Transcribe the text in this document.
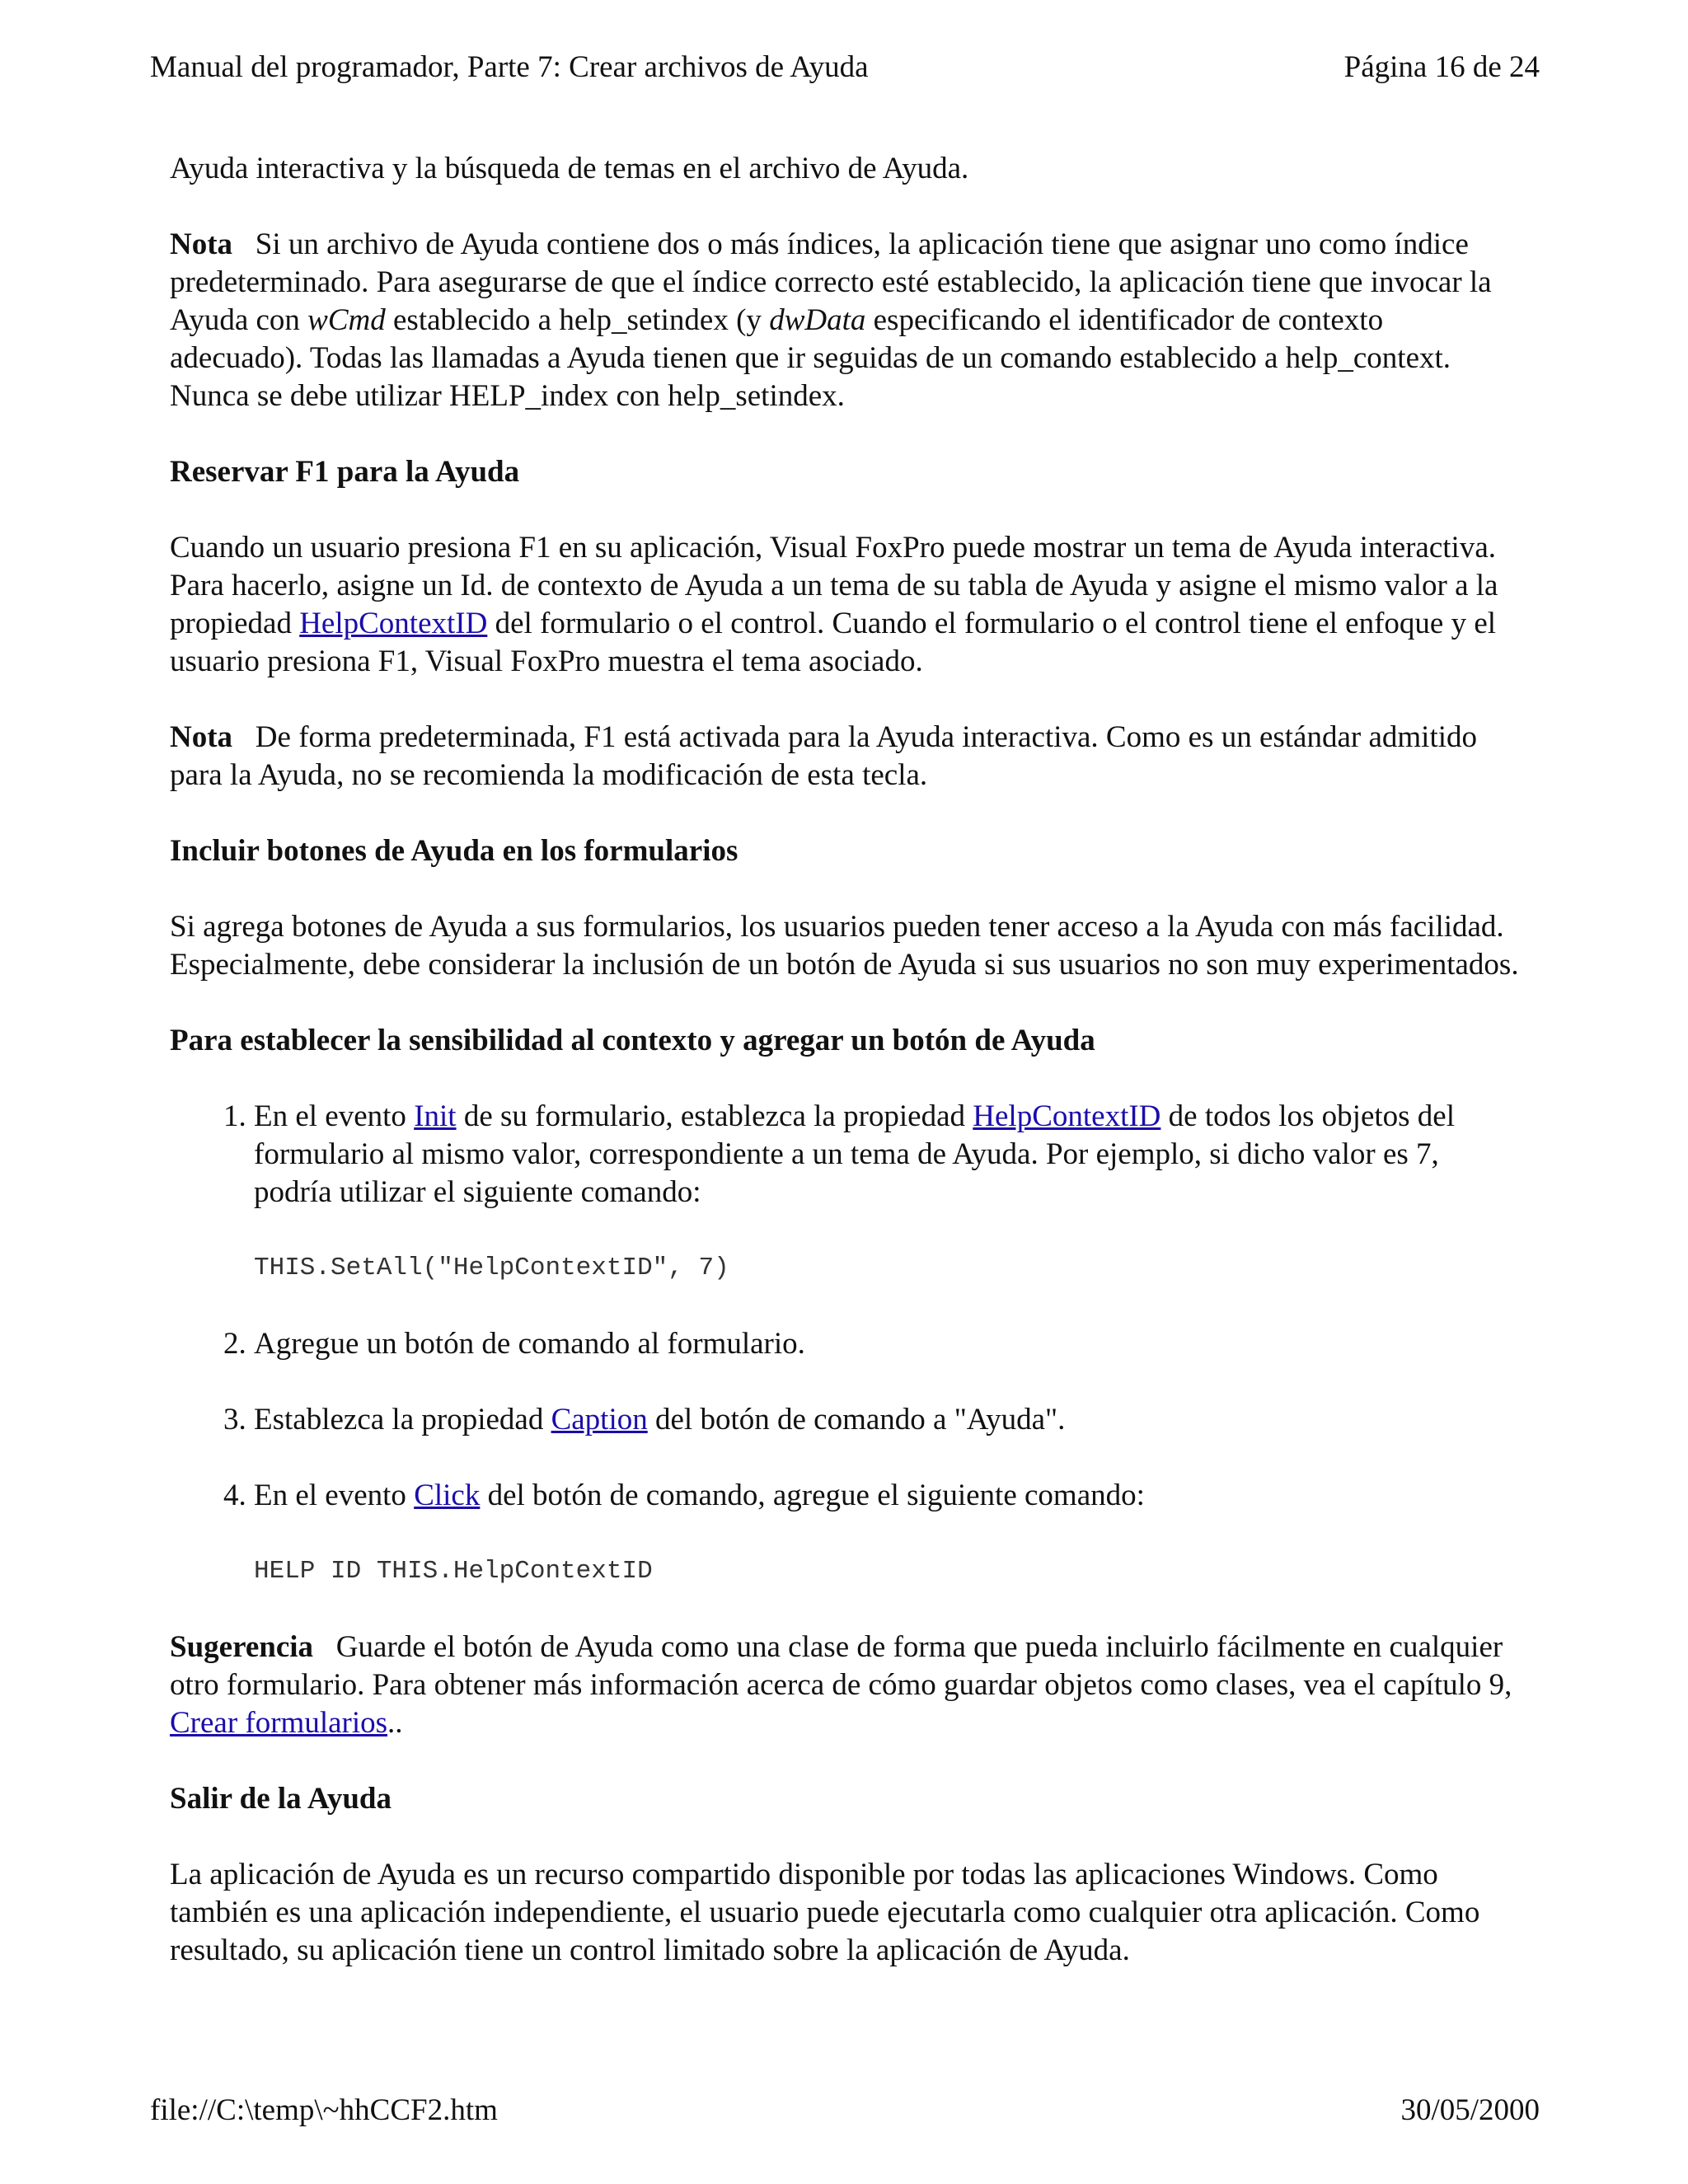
Manual del programador, Parte 7: Crear archivos de Ayuda	Página 16 de 24

Ayuda interactiva y la búsqueda de temas en el archivo de Ayuda.

Nota Si un archivo de Ayuda contiene dos o más índices, la aplicación tiene que asignar uno como índice predeterminado. Para asegurarse de que el índice correcto esté establecido, la aplicación tiene que invocar la Ayuda con wCmd establecido a help_setindex (y dwData especificando el identificador de contexto adecuado). Todas las llamadas a Ayuda tienen que ir seguidas de un comando establecido a help_context. Nunca se debe utilizar HELP_index con help_setindex.

Reservar F1 para la Ayuda

Cuando un usuario presiona F1 en su aplicación, Visual FoxPro puede mostrar un tema de Ayuda interactiva. Para hacerlo, asigne un Id. de contexto de Ayuda a un tema de su tabla de Ayuda y asigne el mismo valor a la propiedad HelpContextID del formulario o el control. Cuando el formulario o el control tiene el enfoque y el usuario presiona F1, Visual FoxPro muestra el tema asociado.

Nota De forma predeterminada, F1 está activada para la Ayuda interactiva. Como es un estándar admitido para la Ayuda, no se recomienda la modificación de esta tecla.

Incluir botones de Ayuda en los formularios

Si agrega botones de Ayuda a sus formularios, los usuarios pueden tener acceso a la Ayuda con más facilidad. Especialmente, debe considerar la inclusión de un botón de Ayuda si sus usuarios no son muy experimentados.

Para establecer la sensibilidad al contexto y agregar un botón de Ayuda

1. En el evento Init de su formulario, establezca la propiedad HelpContextID de todos los objetos del formulario al mismo valor, correspondiente a un tema de Ayuda. Por ejemplo, si dicho valor es 7, podría utilizar el siguiente comando:
THIS.SetAll("HelpContextID", 7)
2. Agregue un botón de comando al formulario.
3. Establezca la propiedad Caption del botón de comando a "Ayuda".
4. En el evento Click del botón de comando, agregue el siguiente comando:
HELP ID THIS.HelpContextID

Sugerencia Guarde el botón de Ayuda como una clase de forma que pueda incluirlo fácilmente en cualquier otro formulario. Para obtener más información acerca de cómo guardar objetos como clases, vea el capítulo 9, Crear formularios..

Salir de la Ayuda

La aplicación de Ayuda es un recurso compartido disponible por todas las aplicaciones Windows. Como también es una aplicación independiente, el usuario puede ejecutarla como cualquier otra aplicación. Como resultado, su aplicación tiene un control limitado sobre la aplicación de Ayuda.

file://C:\temp\~hhCCF2.htm	30/05/2000
